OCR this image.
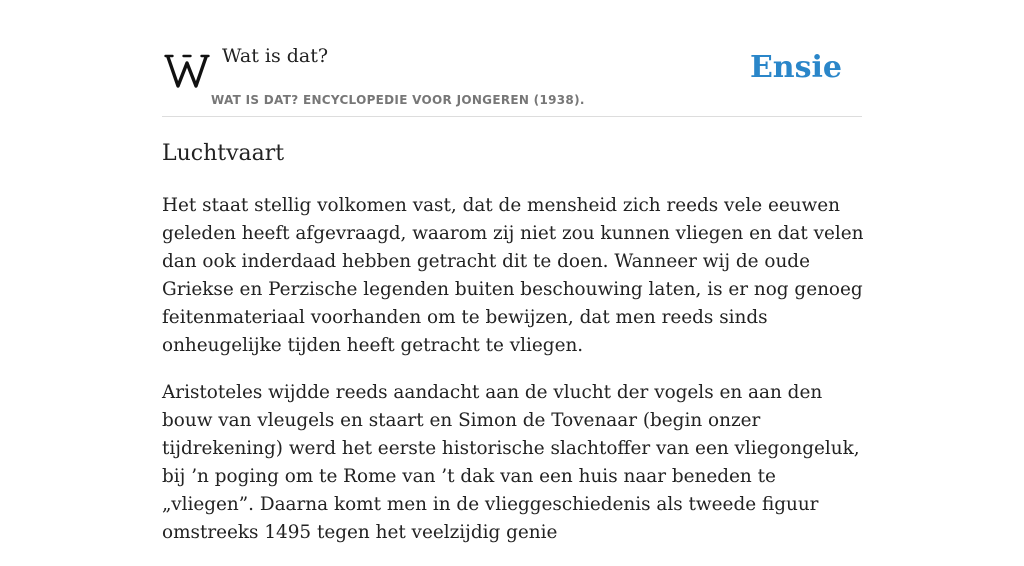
Wat is dat?
WAT IS DAT? ENCYCLOPEDIE VOOR JONGEREN (1938).
Ensie
Luchtvaart

Het staat stellig volkomen vast, dat de mensheid zich reeds vele eeuwen geleden heeft afgevraagd, waarom zij niet zou kunnen vliegen en dat velen dan ook inderdaad hebben getracht dit te doen. Wanneer wij de oude Griekse en Perzische legenden buiten beschouwing laten, is er nog genoeg feitenmateriaal voorhanden om te bewijzen, dat men reeds sinds onheugelijke tijden heeft getracht te vliegen.

Aristoteles wijdde reeds aandacht aan de vlucht der vogels en aan den bouw van vleugels en staart en Simon de Tovenaar (begin onzer tijdrekening) werd het eerste historische slachtoffer van een vliegongeluk, bij ’n poging om te Rome van ’t dak van een huis naar beneden te „vliegen”. Daarna komt men in de vlieggeschiedenis als tweede figuur omstreeks 1495 tegen het veelzijdig genie
